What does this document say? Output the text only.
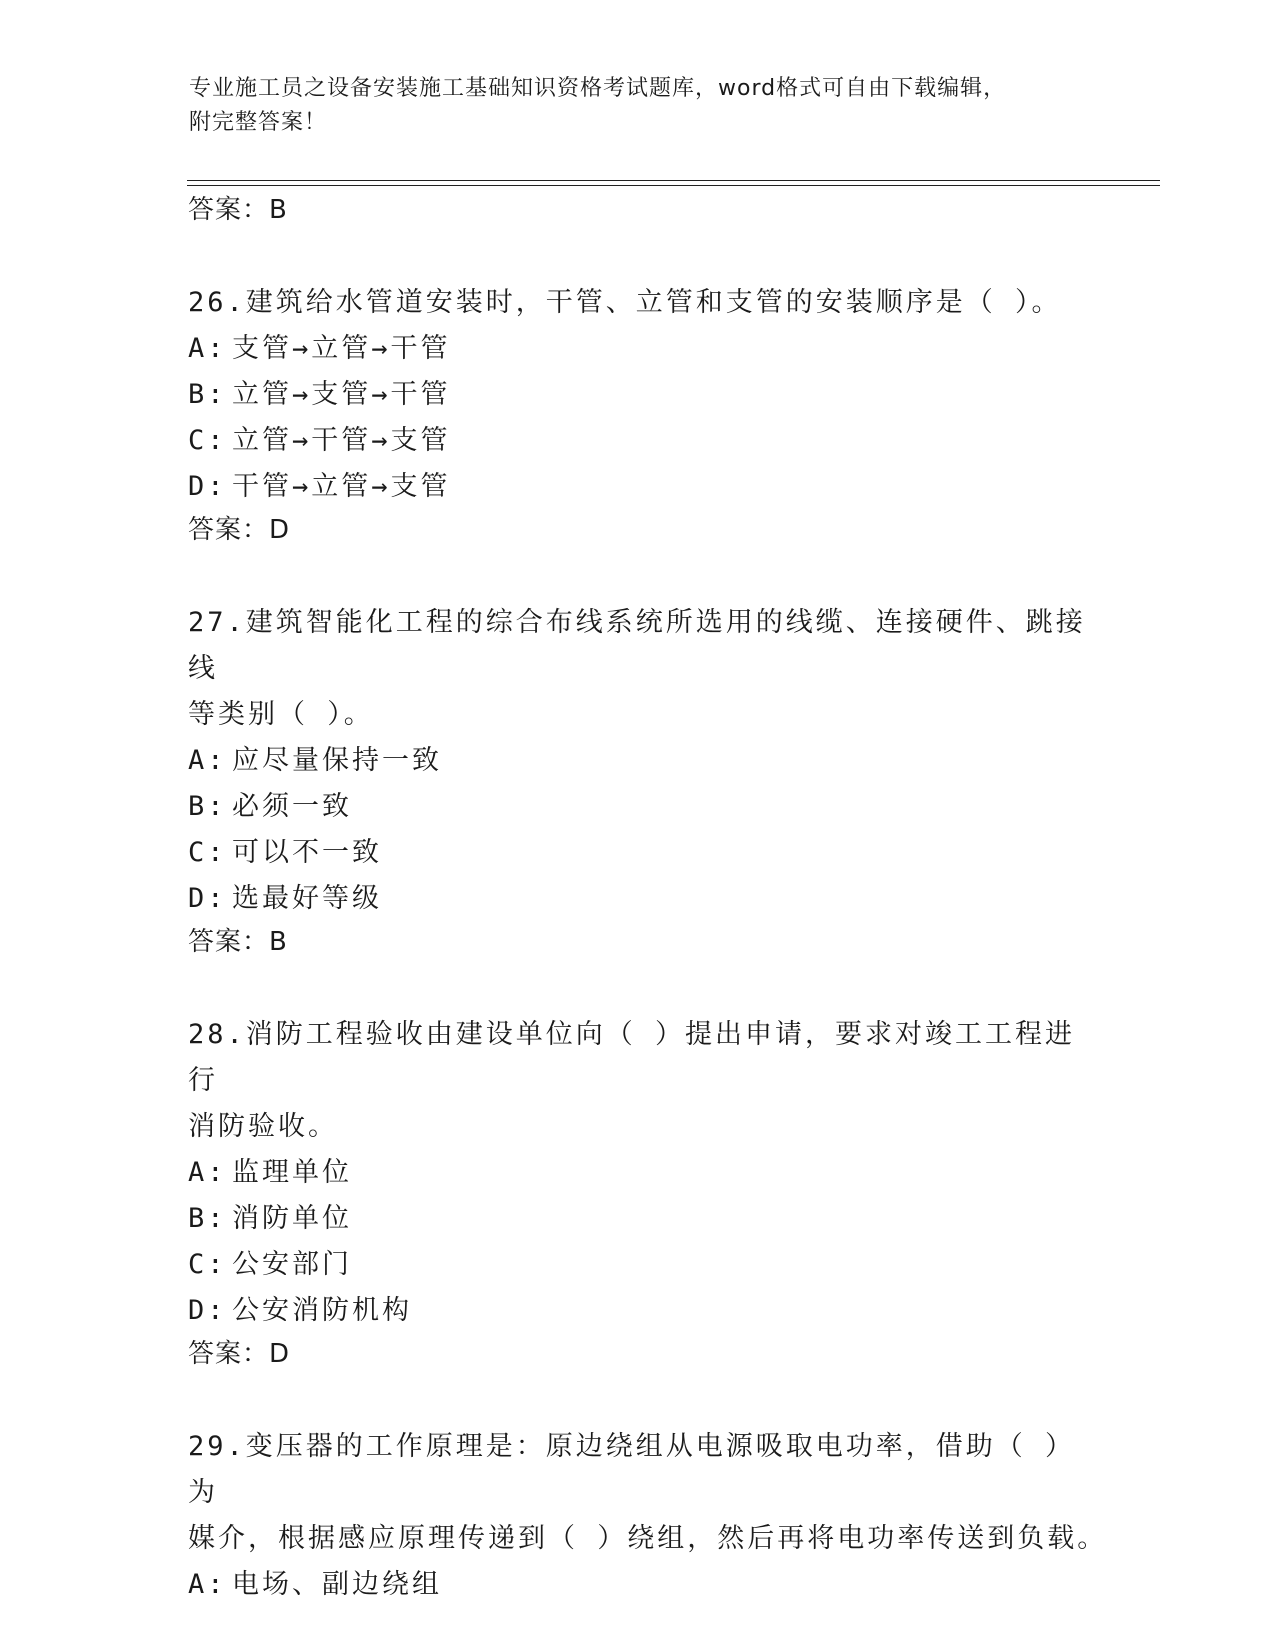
专业施工员之设备安装施工基础知识资格考试题库，word格式可自由下载编辑，
附完整答案！

答案：B

26.建筑给水管道安装时，干管、立管和支管的安装顺序是（ ）。

A: 支管→立管→干管

B: 立管→支管→干管

C: 立管→干管→支管

D: 干管→立管→支管

答案：D

27.建筑智能化工程的综合布线系统所选用的线缆、连接硬件、跳接线

等类别（ ）。

A: 应尽量保持一致

B: 必须一致

C: 可以不一致

D: 选最好等级

答案：B

28.消防工程验收由建设单位向（ ）提出申请，要求对竣工工程进行

消防验收。

A: 监理单位

B: 消防单位

C: 公安部门

D: 公安消防机构

答案：D

29.变压器的工作原理是：原边绕组从电源吸取电功率，借助（ ）为

媒介，根据感应原理传递到（ ）绕组，然后再将电功率传送到负载。

A: 电场、副边绕组
